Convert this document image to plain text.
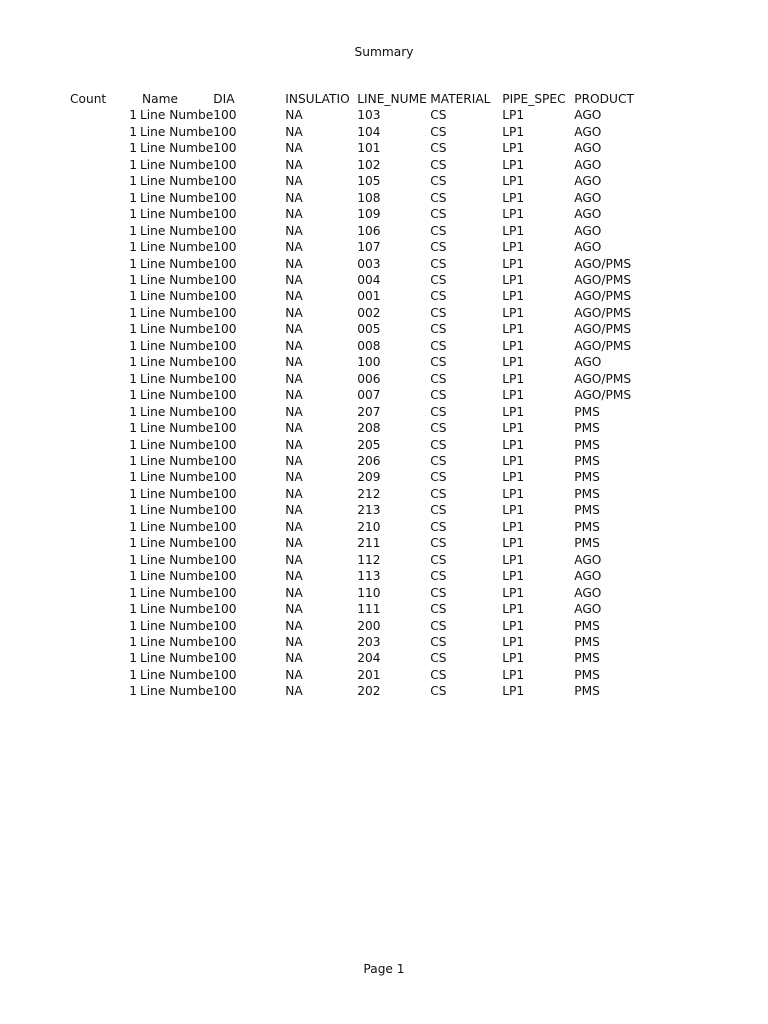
Summary
Count	Name	DIA	INSULATIO	LINE_NUME	MATERIAL	PIPE_SPEC	PRODUCT
1	Line Numbe	100	NA	103	CS	LP1	AGO
1	Line Numbe	100	NA	104	CS	LP1	AGO
1	Line Numbe	100	NA	101	CS	LP1	AGO
1	Line Numbe	100	NA	102	CS	LP1	AGO
1	Line Numbe	100	NA	105	CS	LP1	AGO
1	Line Numbe	100	NA	108	CS	LP1	AGO
1	Line Numbe	100	NA	109	CS	LP1	AGO
1	Line Numbe	100	NA	106	CS	LP1	AGO
1	Line Numbe	100	NA	107	CS	LP1	AGO
1	Line Numbe	100	NA	003	CS	LP1	AGO/PMS
1	Line Numbe	100	NA	004	CS	LP1	AGO/PMS
1	Line Numbe	100	NA	001	CS	LP1	AGO/PMS
1	Line Numbe	100	NA	002	CS	LP1	AGO/PMS
1	Line Numbe	100	NA	005	CS	LP1	AGO/PMS
1	Line Numbe	100	NA	008	CS	LP1	AGO/PMS
1	Line Numbe	100	NA	100	CS	LP1	AGO
1	Line Numbe	100	NA	006	CS	LP1	AGO/PMS
1	Line Numbe	100	NA	007	CS	LP1	AGO/PMS
1	Line Numbe	100	NA	207	CS	LP1	PMS
1	Line Numbe	100	NA	208	CS	LP1	PMS
1	Line Numbe	100	NA	205	CS	LP1	PMS
1	Line Numbe	100	NA	206	CS	LP1	PMS
1	Line Numbe	100	NA	209	CS	LP1	PMS
1	Line Numbe	100	NA	212	CS	LP1	PMS
1	Line Numbe	100	NA	213	CS	LP1	PMS
1	Line Numbe	100	NA	210	CS	LP1	PMS
1	Line Numbe	100	NA	211	CS	LP1	PMS
1	Line Numbe	100	NA	112	CS	LP1	AGO
1	Line Numbe	100	NA	113	CS	LP1	AGO
1	Line Numbe	100	NA	110	CS	LP1	AGO
1	Line Numbe	100	NA	111	CS	LP1	AGO
1	Line Numbe	100	NA	200	CS	LP1	PMS
1	Line Numbe	100	NA	203	CS	LP1	PMS
1	Line Numbe	100	NA	204	CS	LP1	PMS
1	Line Numbe	100	NA	201	CS	LP1	PMS
1	Line Numbe	100	NA	202	CS	LP1	PMS
Page 1
